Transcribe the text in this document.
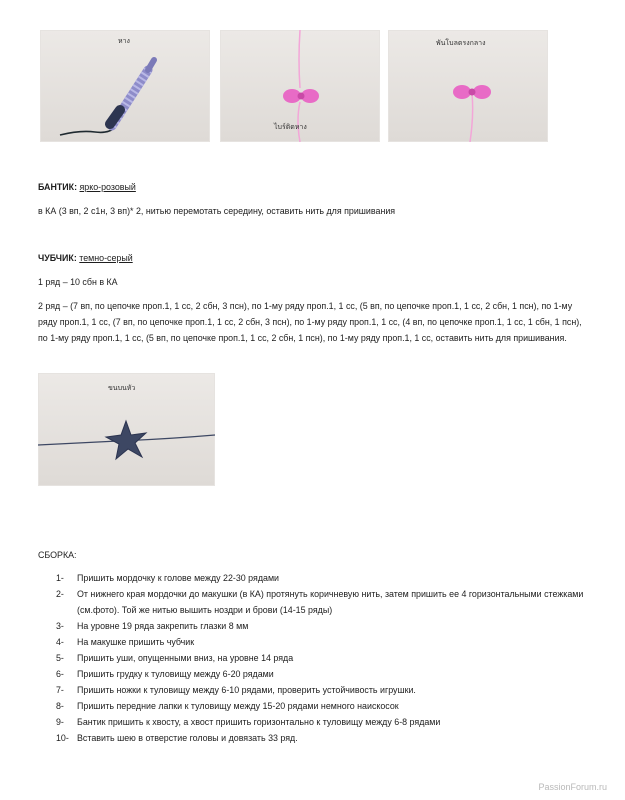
หาง
ไบร์ติดหาง
พันโบลตรงกลาง
БАНТИК: ярко-розовый
в КА (3 вп, 2 с1н, 3 вп)* 2, нитью перемотать середину, оставить нить для пришивания
ЧУБЧИК: темно-серый
1 ряд – 10 сбн в КА
2 ряд – (7 вп, по цепочке проп.1, 1 сс, 2 сбн, 3 псн), по 1-му ряду проп.1, 1 сс, (5 вп, по цепочке проп.1, 1 сс, 2 сбн, 1 псн), по 1-му ряду проп.1, 1 сс, (7 вп, по цепочке проп.1, 1 сс, 2 сбн, 3 псн), по 1-му ряду проп.1, 1 сс, (4 вп, по цепочке проп.1, 1 сс, 1 сбн, 1 псн), по 1-му ряду проп.1, 1 сс, (5 вп, по цепочке проп.1, 1 сс, 2 сбн, 1 псн), по 1-му ряду проп.1, 1 сс, оставить нить для пришивания.
ขนบนหัว
СБОРКА:
1-	Пришить мордочку к голове между 22-30 рядами
2-	От нижнего края мордочки до макушки (в КА) протянуть коричневую нить, затем пришить ее 4 горизонтальными стежками (см.фото). Той же нитью вышить ноздри и брови (14-15 ряды)
3-	На уровне 19 ряда закрепить глазки 8 мм
4-	На макушке пришить чубчик
5-	Пришить уши, опущенными вниз, на уровне 14 ряда
6-	Пришить грудку к туловищу между 6-20 рядами
7-	Пришить ножки к туловищу между 6-10 рядами, проверить устойчивость игрушки.
8-	Пришить передние лапки к туловищу между 15-20 рядами немного наискосок
9-	Бантик пришить к хвосту, а хвост пришить горизонтально к туловищу между 6-8 рядами
10- Вставить шею в отверстие головы и довязать 33 ряд.
PassionForum.ru
